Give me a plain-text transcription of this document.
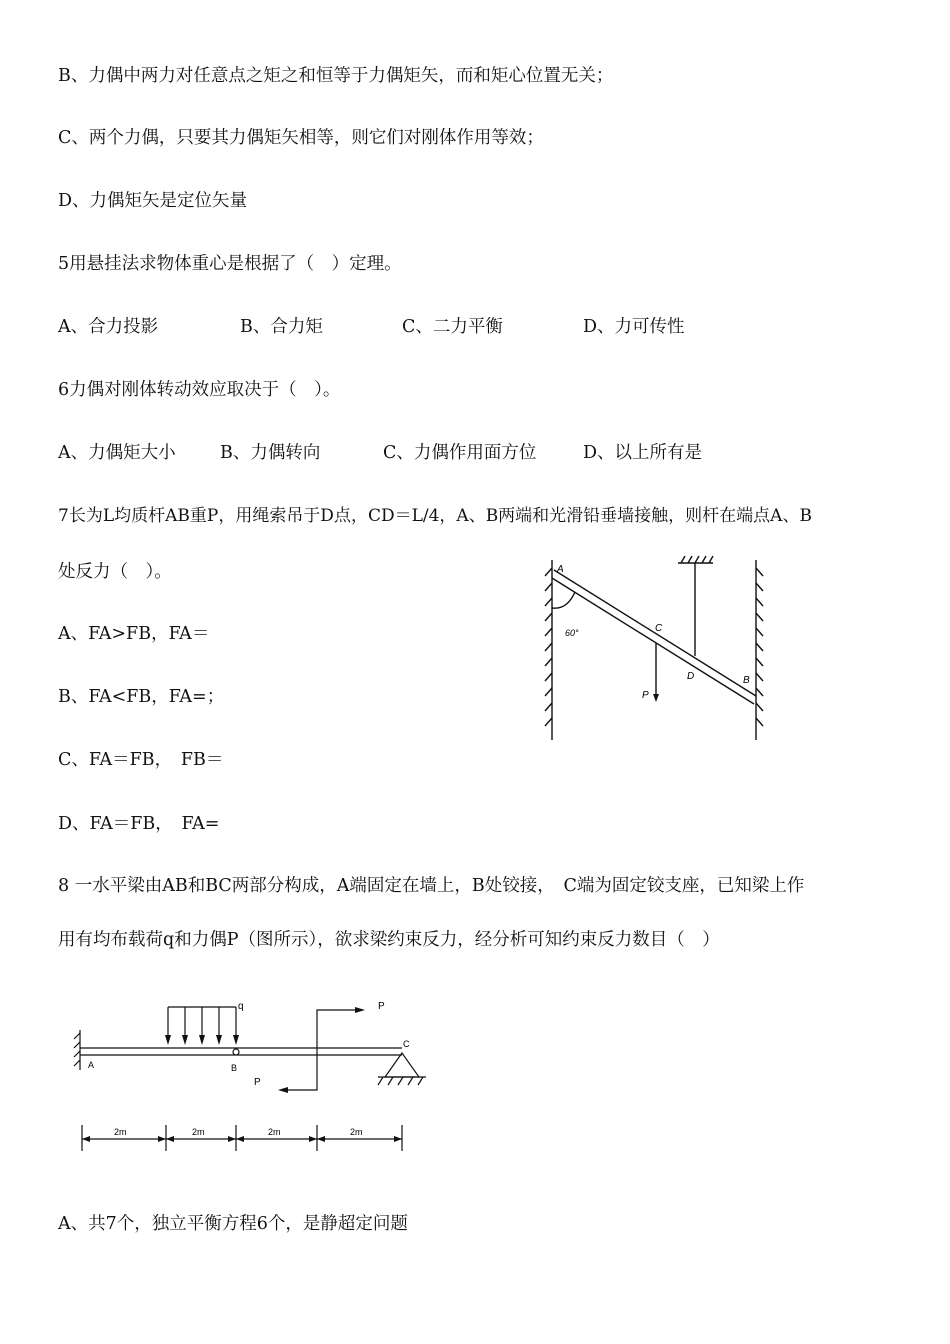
B、力偶中两力对任意点之矩之和恒等于力偶矩矢，而和矩心位置无关；
C、两个力偶，只要其力偶矩矢相等，则它们对刚体作用等效；
D、力偶矩矢是定位矢量
5用悬挂法求物体重心是根据了（　）定理。
A、合力投影	B、合力矩	C、二力平衡	D、力可传性
6力偶对刚体转动效应取决于（　）。
A、力偶矩大小	B、力偶转向	C、力偶作用面方位	D、以上所有是
7长为L均质杆AB重P，用绳索吊于D点，CD＝L/4，A、B两端和光滑铅垂墙接触，则杆在端点A、B
处反力（　）。
A、FA>FB，FA＝
B、FA<FB，FA=；
C、FA＝FB，　FB＝
D、FA＝FB，　FA=
A
B
C
D
P
60°
8 一水平梁由AB和BC两部分构成，A端固定在墙上，B处铰接，　C端为固定铰支座，已知梁上作
用有均布载荷q和力偶P（图所示），欲求梁约束反力，经分析可知约束反力数目（　）
q	P
P
A	B
C
2m	2m	2m	2m
A、共7个，独立平衡方程6个，是静超定问题
